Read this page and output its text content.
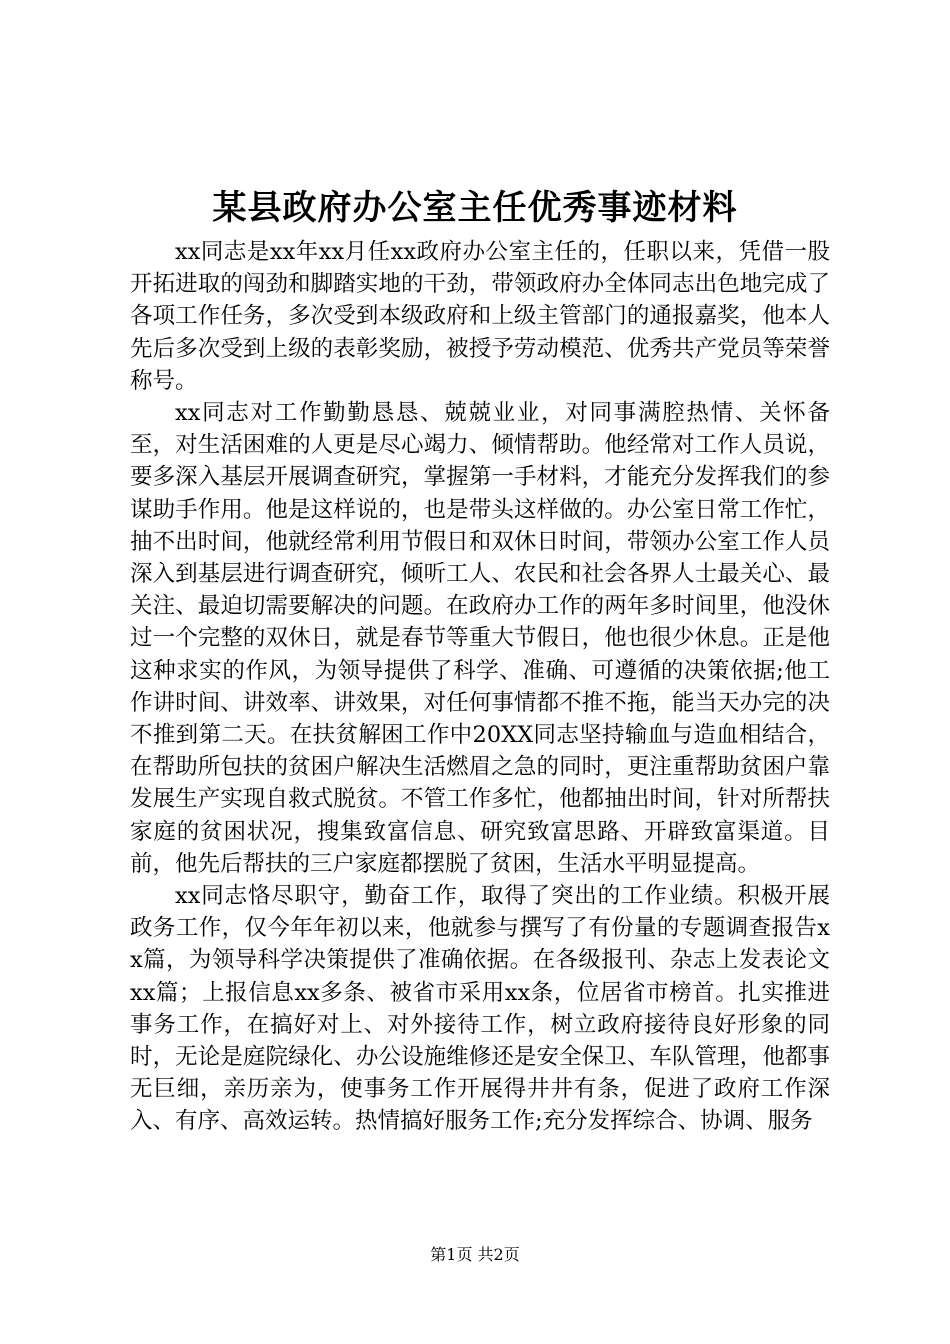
某县政府办公室主任优秀事迹材料

xx同志是xx年xx月任xx政府办公室主任的，任职以来，凭借一股开拓进取的闯劲和脚踏实地的干劲，带领政府办全体同志出色地完成了各项工作任务，多次受到本级政府和上级主管部门的通报嘉奖，他本人先后多次受到上级的表彰奖励，被授予劳动模范、优秀共产党员等荣誉称号。

xx同志对工作勤勤恳恳、兢兢业业，对同事满腔热情、关怀备至，对生活困难的人更是尽心竭力、倾情帮助。他经常对工作人员说，要多深入基层开展调查研究，掌握第一手材料，才能充分发挥我们的参谋助手作用。他是这样说的，也是带头这样做的。办公室日常工作忙，抽不出时间，他就经常利用节假日和双休日时间，带领办公室工作人员深入到基层进行调查研究，倾听工人、农民和社会各界人士最关心、最关注、最迫切需要解决的问题。在政府办工作的两年多时间里，他没休过一个完整的双休日，就是春节等重大节假日，他也很少休息。正是他这种求实的作风，为领导提供了科学、准确、可遵循的决策依据;他工作讲时间、讲效率、讲效果，对任何事情都不推不拖，能当天办完的决不推到第二天。在扶贫解困工作中20XX同志坚持输血与造血相结合，在帮助所包扶的贫困户解决生活燃眉之急的同时，更注重帮助贫困户靠发展生产实现自救式脱贫。不管工作多忙，他都抽出时间，针对所帮扶家庭的贫困状况，搜集致富信息、研究致富思路、开辟致富渠道。目前，他先后帮扶的三户家庭都摆脱了贫困，生活水平明显提高。

xx同志恪尽职守，勤奋工作，取得了突出的工作业绩。积极开展政务工作，仅今年年初以来，他就参与撰写了有份量的专题调查报告xx篇，为领导科学决策提供了准确依据。在各级报刊、杂志上发表论文xx篇；上报信息xx多条、被省市采用xx条，位居省市榜首。扎实推进事务工作，在搞好对上、对外接待工作，树立政府接待良好形象的同时，无论是庭院绿化、办公设施维修还是安全保卫、车队管理，他都事无巨细，亲历亲为，使事务工作开展得井井有条，促进了政府工作深入、有序、高效运转。热情搞好服务工作;充分发挥综合、协调、服务

第1页 共2页
